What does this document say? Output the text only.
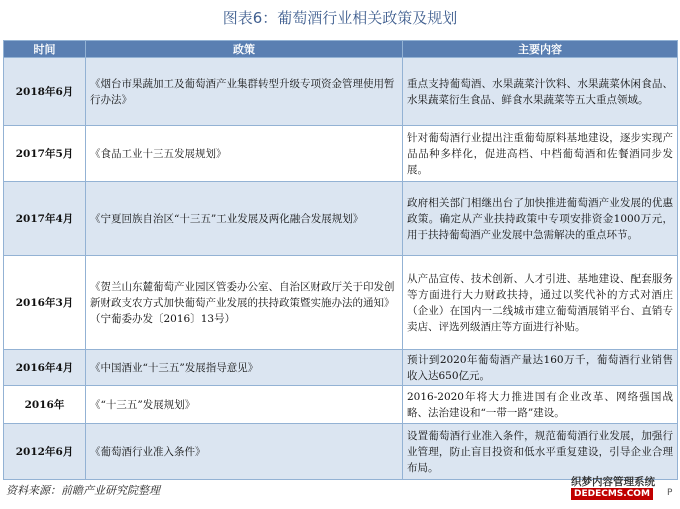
图表6：葡萄酒行业相关政策及规划
时间	政策	主要内容
2018年6月	《烟台市果蔬加工及葡萄酒产业集群转型升级专项资金管理使用暂行办法》	重点支持葡萄酒、水果蔬菜汁饮料、水果蔬菜休闲食品、水果蔬菜衍生食品、鲜食水果蔬菜等五大重点领域。
2017年5月	《食品工业十三五发展规划》	针对葡萄酒行业提出注重葡萄原料基地建设，逐步实现产品品种多样化，促进高档、中档葡萄酒和佐餐酒同步发展。
2017年4月	《宁夏回族自治区“十三五”工业发展及两化融合发展规划》	政府相关部门相继出台了加快推进葡萄酒产业发展的优惠政策。确定从产业扶持政策中专项安排资金1000万元，用于扶持葡萄酒产业发展中急需解决的重点环节。
2016年3月	《贺兰山东麓葡萄产业园区管委办公室、自治区财政厅关于印发创新财政支农方式加快葡萄产业发展的扶持政策暨实施办法的通知》（宁葡委办发〔2016〕13号）	从产品宣传、技术创新、人才引进、基地建设、配套服务等方面进行大力财政扶持，通过以奖代补的方式对酒庄（企业）在国内一二线城市建立葡萄酒展销平台、直销专卖店、评选列级酒庄等方面进行补贴。
2016年4月	《中国酒业“十三五”发展指导意见》	预计到2020年葡萄酒产量达160万千，葡萄酒行业销售收入达650亿元。
2016年	《“十三五”发展规划》	2016-2020年将大力推进国有企业改革、网络强国战略、法治建设和“一带一路”建设。
2012年6月	《葡萄酒行业准入条件》	设置葡萄酒行业准入条件，规范葡萄酒行业发展，加强行业管理，防止盲目投资和低水平重复建设，引导企业合理布局。
资料来源：前瞻产业研究院整理
织梦内容管理系统
DEDECMS.COM	P
